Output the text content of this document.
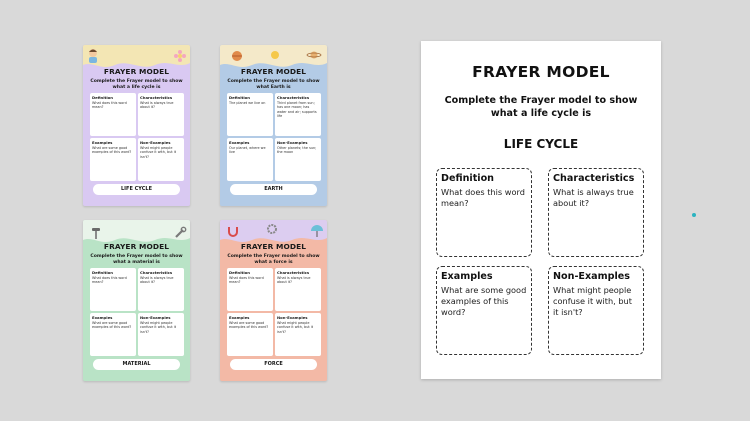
FRAYER MODEL
Complete the Frayer model to show what a life cycle is
Definition
What does this word mean?
Characteristics
What is always true about it?
Examples
What are some good examples of this word?
Non-Examples
What might people confuse it with, but it isn't?
LIFE CYCLE
FRAYER MODEL
Complete the Frayer model to show what Earth is
Definition
The planet we live on
Characteristics
Third planet from sun; has one moon; has water and air; supports life
Examples
Our planet, where we live
Non-Examples
Other planets; the sun; the moon
EARTH
FRAYER MODEL
Complete the Frayer model to show what a material is
Definition
What does this word mean?
Characteristics
What is always true about it?
Examples
What are some good examples of this word?
Non-Examples
What might people confuse it with, but it isn't?
MATERIAL
FRAYER MODEL
Complete the Frayer model to show what a force is
Definition
What does this word mean?
Characteristics
What is always true about it?
Examples
What are some good examples of this word?
Non-Examples
What might people confuse it with, but it isn't?
FORCE
FRAYER MODEL
Complete the Frayer model to show what a life cycle is
LIFE CYCLE
Definition
What does this word mean?
Characteristics
What is always true about it?
Examples
What are some good examples of this word?
Non-Examples
What might people confuse it with, but it isn't?
